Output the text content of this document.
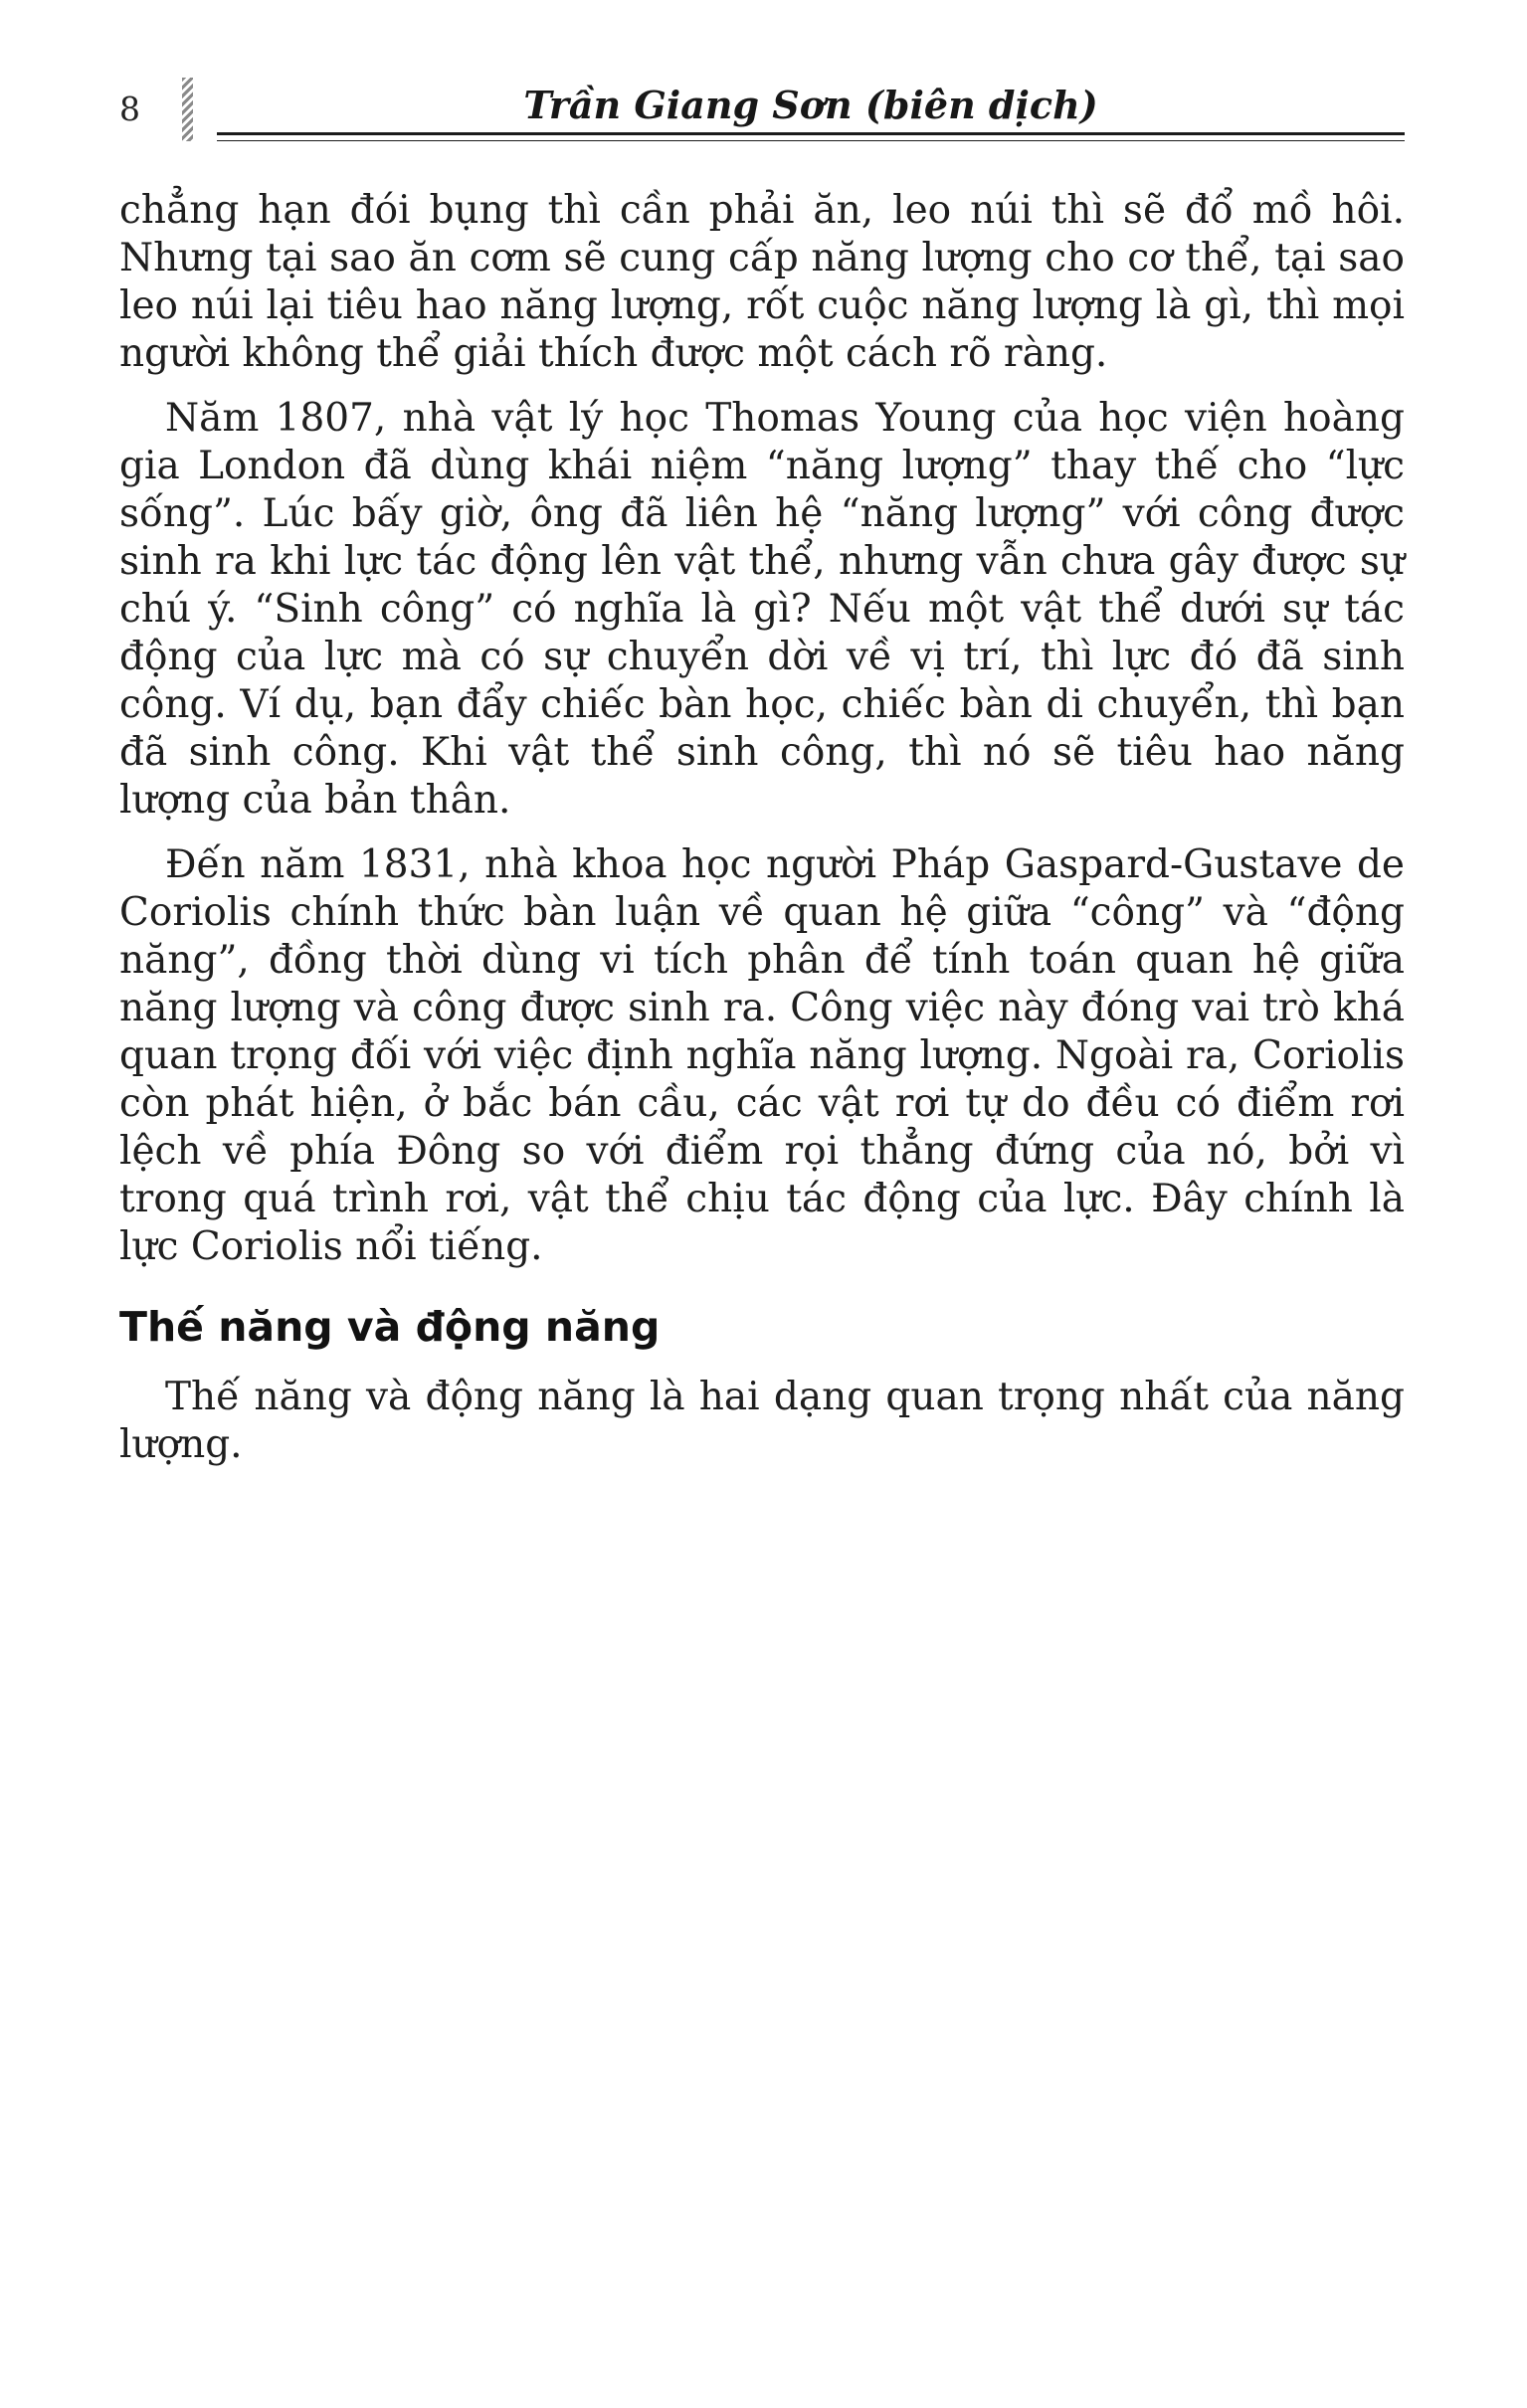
8	Trần Giang Sơn (biên dịch)

chẳng hạn đói bụng thì cần phải ăn, leo núi thì sẽ đổ mồ hôi. Nhưng tại sao ăn cơm sẽ cung cấp năng lượng cho cơ thể, tại sao leo núi lại tiêu hao năng lượng, rốt cuộc năng lượng là gì, thì mọi người không thể giải thích được một cách rõ ràng.

Năm 1807, nhà vật lý học Thomas Young của học viện hoàng gia London đã dùng khái niệm “năng lượng” thay thế cho “lực sống”. Lúc bấy giờ, ông đã liên hệ “năng lượng” với công được sinh ra khi lực tác động lên vật thể, nhưng vẫn chưa gây được sự chú ý. “Sinh công” có nghĩa là gì? Nếu một vật thể dưới sự tác động của lực mà có sự chuyển dời về vị trí, thì lực đó đã sinh công. Ví dụ, bạn đẩy chiếc bàn học, chiếc bàn di chuyển, thì bạn đã sinh công. Khi vật thể sinh công, thì nó sẽ tiêu hao năng lượng của bản thân.

Đến năm 1831, nhà khoa học người Pháp Gaspard-Gustave de Coriolis chính thức bàn luận về quan hệ giữa “công” và “động năng”, đồng thời dùng vi tích phân để tính toán quan hệ giữa năng lượng và công được sinh ra. Công việc này đóng vai trò khá quan trọng đối với việc định nghĩa năng lượng. Ngoài ra, Coriolis còn phát hiện, ở bắc bán cầu, các vật rơi tự do đều có điểm rơi lệch về phía Đông so với điểm rọi thẳng đứng của nó, bởi vì trong quá trình rơi, vật thể chịu tác động của lực. Đây chính là lực Coriolis nổi tiếng.

Thế năng và động năng

Thế năng và động năng là hai dạng quan trọng nhất của năng lượng.
